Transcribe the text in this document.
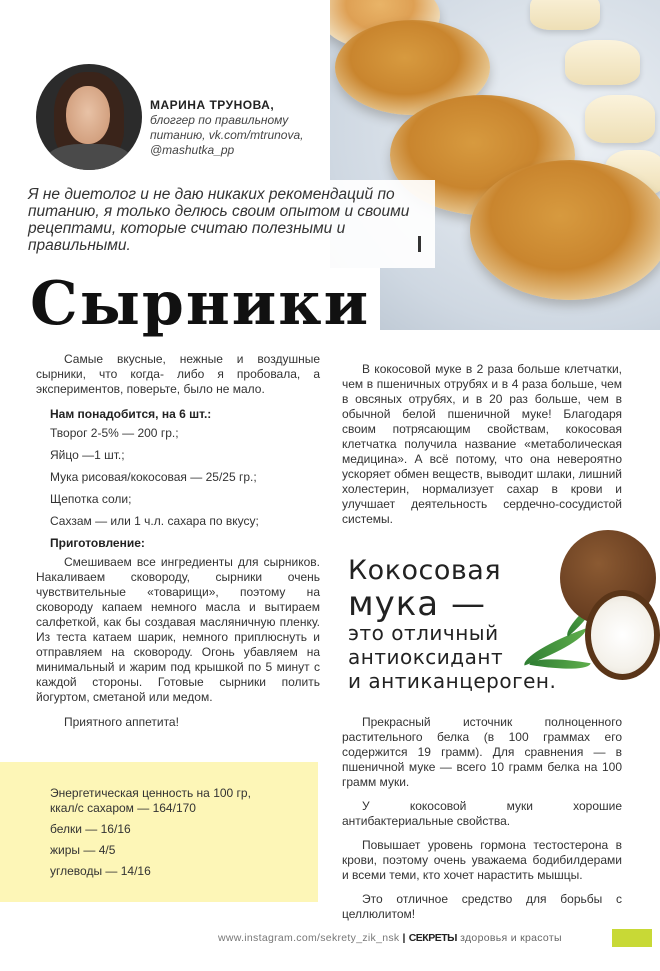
МАРИНА ТРУНОВА,
блоггер по правильному
питанию, vk.com/mtrunova,
@mashutka_pp
Я не диетолог и не даю никаких рекомендаций по питанию, я только делюсь своим опытом и своими рецептами, которые считаю полезными и правильными.
Сырники

Самые вкусные, нежные и воздушные сырники, что когда- либо я пробовала, а экспериментов, поверьте, было не мало.

Нам понадобится, на 6 шт.:
Творог 2-5% — 200 гр.;
Яйцо —1 шт.;
Мука рисовая/кокосовая — 25/25 гр.;
Щепотка соли;
Сахзам — или 1 ч.л. сахара по вкусу;
Приготовление:

Смешиваем все ингредиенты для сырников. Накаливаем сковороду, сырники очень чувствительные «товарищи», поэтому на сковороду капаем немного масла и вытираем салфеткой, как бы создавая масляничную пленку. Из теста катаем шарик, немного приплюснуть и отправляем на сковороду. Огонь убавляем на минимальный и жарим под крышкой по 5 минут с каждой стороны. Готовые сырники полить йогуртом, сметаной или медом.

Приятного аппетита!

В кокосовой муке в 2 раза больше клетчатки, чем в пшеничных отрубях и в 4 раза больше, чем в овсяных отрубях, и в 20 раз больше, чем в обычной белой пшеничной муке! Благодаря своим потрясающим свойствам, кокосовая клетчатка получила название «метаболическая медицина». А всё потому, что она невероятно ускоряет обмен веществ, выводит шлаки, лишний холестерин, нормализует сахар в крови и улучшает деятельность сердечно-сосудистой системы.

Кокосовая
мука —
это отличный
антиоксидант
и антиканцероген.

Прекрасный источник полноценного растительного белка (в 100 граммах его содержится 19 грамм). Для сравнения — в пшеничной муке — всего 10 грамм белка на 100 грамм муки.

У кокосовой муки хорошие антибактериальные свойства.

Повышает уровень гормона тестостерона в крови, поэтому очень уважаема бодибилдерами и всеми теми, кто хочет нарастить мышцы.

Это отличное средство для борьбы с целлюлитом!

Энергетическая ценность на 100 гр,
ккал/с сахаром — 164/170
белки — 16/16
жиры — 4/5
углеводы — 14/16
www.instagram.com/sekrety_zik_nsk | СЕКРЕТЫ здоровья и красоты
